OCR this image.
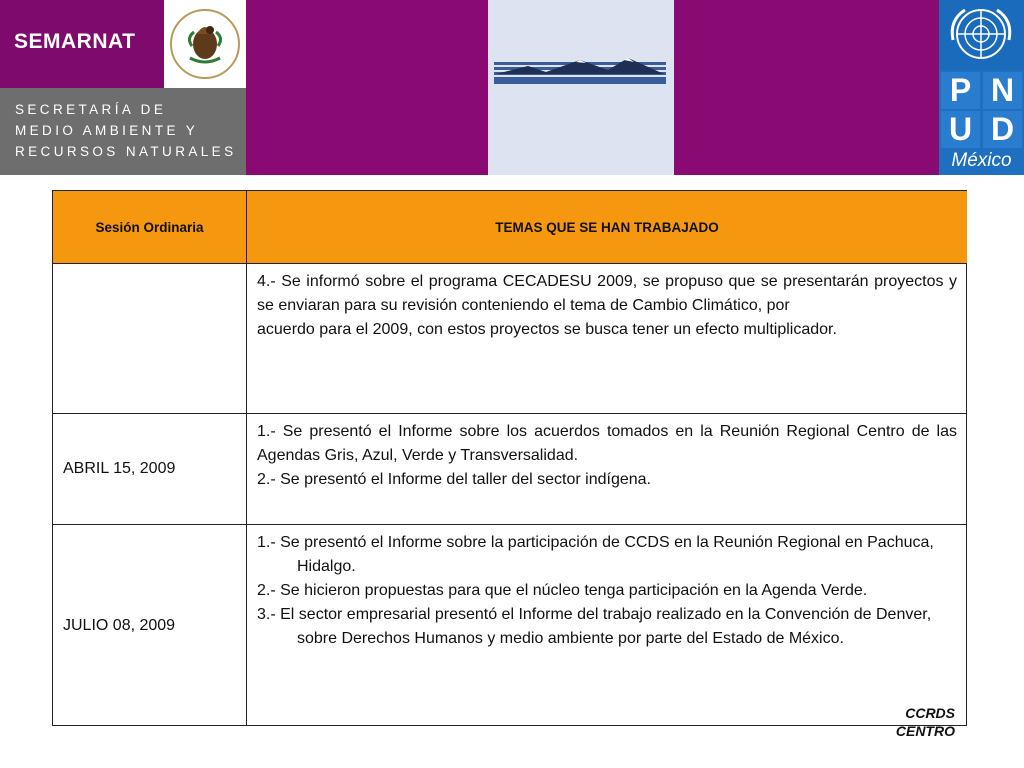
SEMARNAT
SECRETARÍA DE
MEDIO AMBIENTE Y
RECURSOS NATURALES
P N
U D
México
Sesión Ordinaria	TEMAS QUE SE HAN TRABAJADO

4.- Se informó sobre el programa CECADESU 2009, se propuso que se presentarán proyectos y se enviaran para su revisión conteniendo el tema de Cambio Climático, por

acuerdo para el 2009, con estos proyectos se busca tener un efecto multiplicador.

ABRIL 15, 2009

1.- Se presentó el Informe sobre los acuerdos tomados en la Reunión Regional Centro de las Agendas Gris, Azul, Verde y Transversalidad.

2.- Se presentó el Informe del taller del sector indígena.

JULIO 08, 2009

1.- Se presentó el Informe sobre la participación de CCDS en la Reunión Regional en Pachuca, Hidalgo.

2.- Se hicieron propuestas para que el núcleo tenga participación en la Agenda Verde.

3.- El sector empresarial presentó el Informe del trabajo realizado en la Convención de Denver, sobre Derechos Humanos y medio ambiente por parte del Estado de México.

CCRDS
CENTRO
